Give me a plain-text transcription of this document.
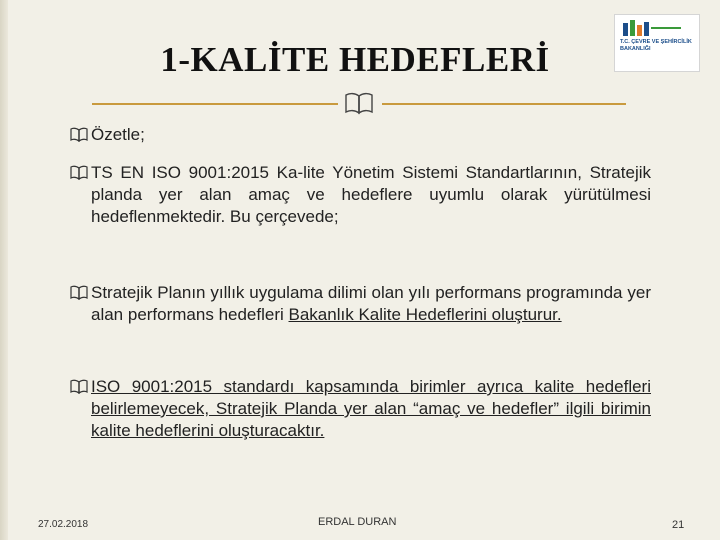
1-KALİTE HEDEFLERİ	T.C. ÇEVRE VE ŞEHİRCİLİK BAKANLIĞI
Özetle;
TS EN ISO 9001:2015 Ka-lite Yönetim Sistemi Standartlarının, Stratejik planda yer alan amaç ve hedeflere uyumlu olarak yürütülmesi hedeflenmektedir. Bu çerçevede;
Stratejik Planın yıllık uygulama dilimi olan yılı performans programında yer alan performans hedefleri Bakanlık Kalite Hedeflerini oluşturur.
ISO 9001:2015 standardı kapsamında birimler ayrıca kalite hedefleri belirlemeyecek, Stratejik Planda yer alan “amaç ve hedefler” ilgili birimin kalite hedeflerini oluşturacaktır.
27.02.2018	ERDAL DURAN	21
